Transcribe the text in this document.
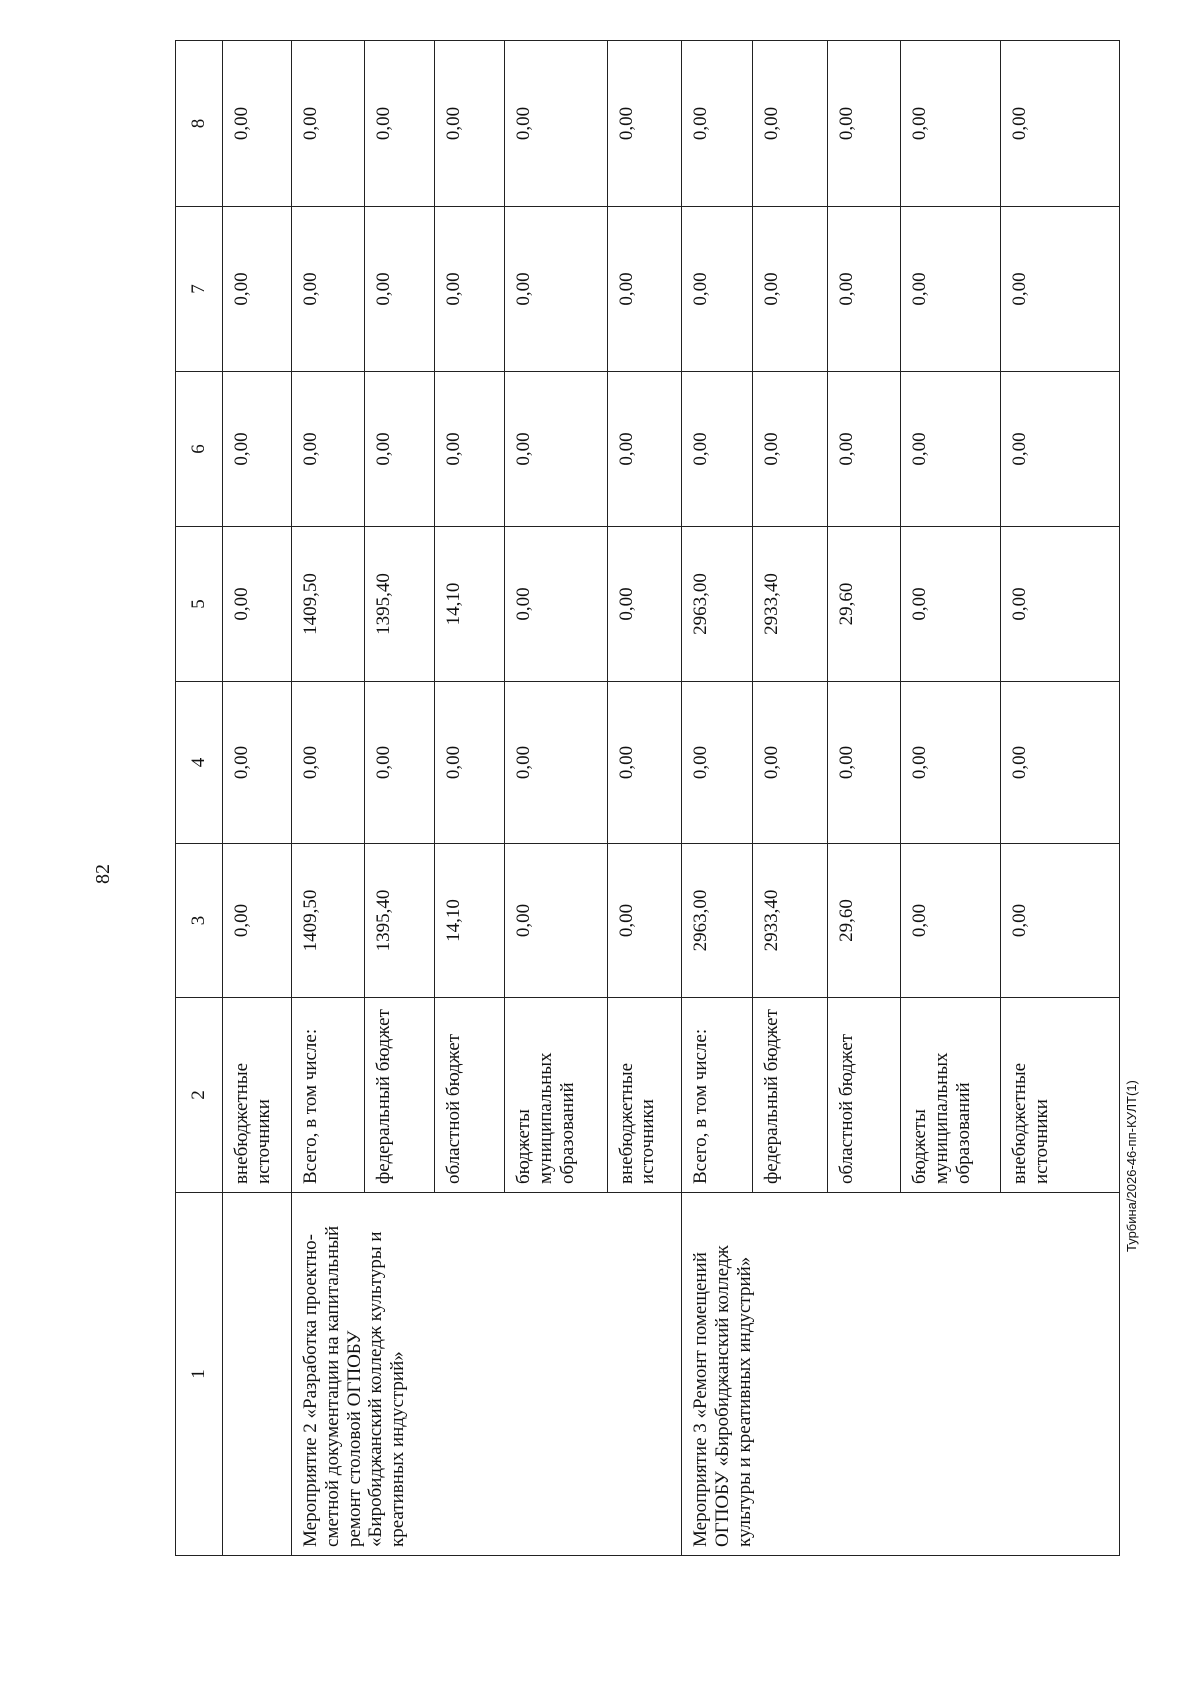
82
1	2	3	4	5	6	7	8
	внебюджетные источники	0,00	0,00	0,00	0,00	0,00	0,00
Мероприятие 2 «Разработка проектно-сметной документации на капитальный ремонт столовой ОГПОБУ «Биробиджанский колледж культуры и креативных индустрий»	Всего, в том числе:	1409,50	0,00	1409,50	0,00	0,00	0,00
	федеральный бюджет	1395,40	0,00	1395,40	0,00	0,00	0,00
	областной бюджет	14,10	0,00	14,10	0,00	0,00	0,00
	бюджеты муниципальных образований	0,00	0,00	0,00	0,00	0,00	0,00
	внебюджетные источники	0,00	0,00	0,00	0,00	0,00	0,00
Мероприятие 3 «Ремонт помещений ОГПОБУ «Биробиджанский колледж культуры и креативных индустрий»	Всего, в том числе:	2963,00	0,00	2963,00	0,00	0,00	0,00
	федеральный бюджет	2933,40	0,00	2933,40	0,00	0,00	0,00
	областной бюджет	29,60	0,00	29,60	0,00	0,00	0,00
	бюджеты муниципальных образований	0,00	0,00	0,00	0,00	0,00	0,00
	внебюджетные источники	0,00	0,00	0,00	0,00	0,00	0,00
Турбина/2026-46-пп-КУЛТ(1)
